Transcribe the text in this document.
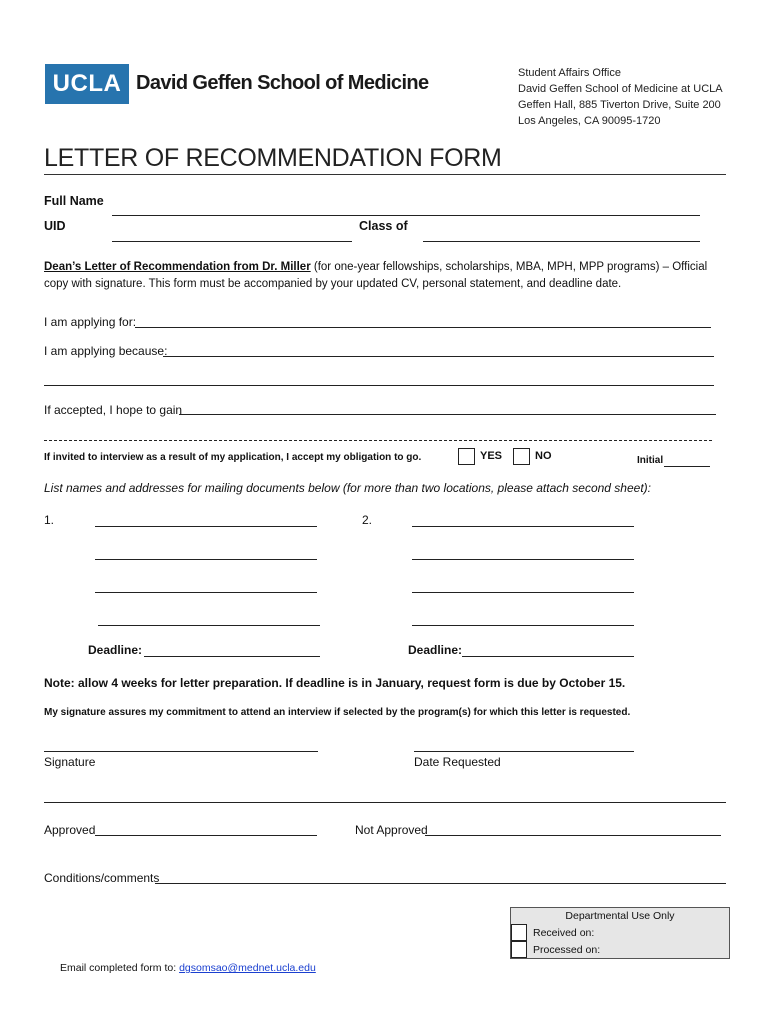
UCLA David Geffen School of Medicine	Student Affairs Office
David Geffen School of Medicine at UCLA
Geffen Hall, 885 Tiverton Drive, Suite 200
Los Angeles, CA 90095-1720
LETTER OF RECOMMENDATION FORM
Full Name
UID	Class of
Dean’s Letter of Recommendation from Dr. Miller (for one-year fellowships, scholarships, MBA, MPH, MPP programs) – Official
copy with signature. This form must be accompanied by your updated CV, personal statement, and deadline date.
I am applying for:
I am applying because:
If accepted, I hope to gain
If invited to interview as a result of my application, I accept my obligation to go.	YES	NO	Initial
List names and addresses for mailing documents below (for more than two locations, please attach second sheet):
1.
Deadline:
2.
Deadline:
Note: allow 4 weeks for letter preparation. If deadline is in January, request form is due by October 15.
My signature assures my commitment to attend an interview if selected by the program(s) for which this letter is requested.
Signature	Date Requested
Approved	Not Approved
Conditions/comments
Departmental Use Only
Received on:
Processed on:
Email completed form to: dgsomsao@mednet.ucla.edu
